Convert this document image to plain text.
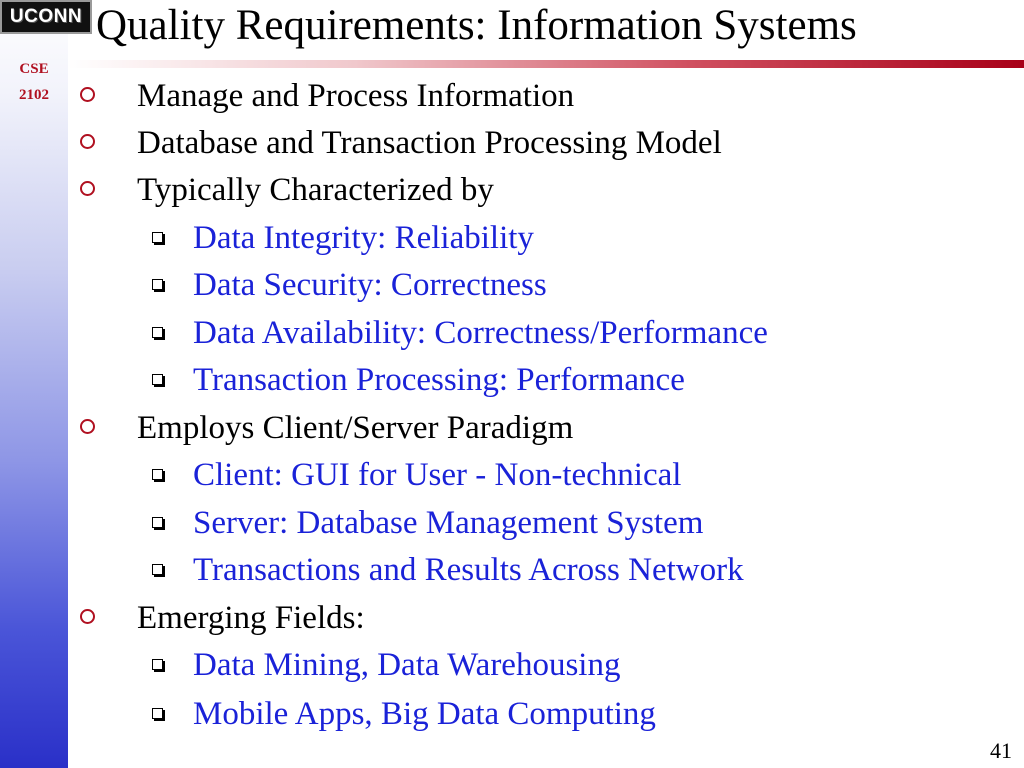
UCONN
CSE
2102
Quality Requirements: Information Systems
Manage and Process Information
Database and Transaction Processing Model
Typically Characterized by
Data Integrity: Reliability
Data Security: Correctness
Data Availability: Correctness/Performance
Transaction Processing: Performance
Employs Client/Server Paradigm
Client: GUI for User - Non-technical
Server: Database Management System
Transactions and Results Across Network
Emerging Fields:
Data Mining, Data Warehousing
Mobile Apps, Big Data Computing
41
